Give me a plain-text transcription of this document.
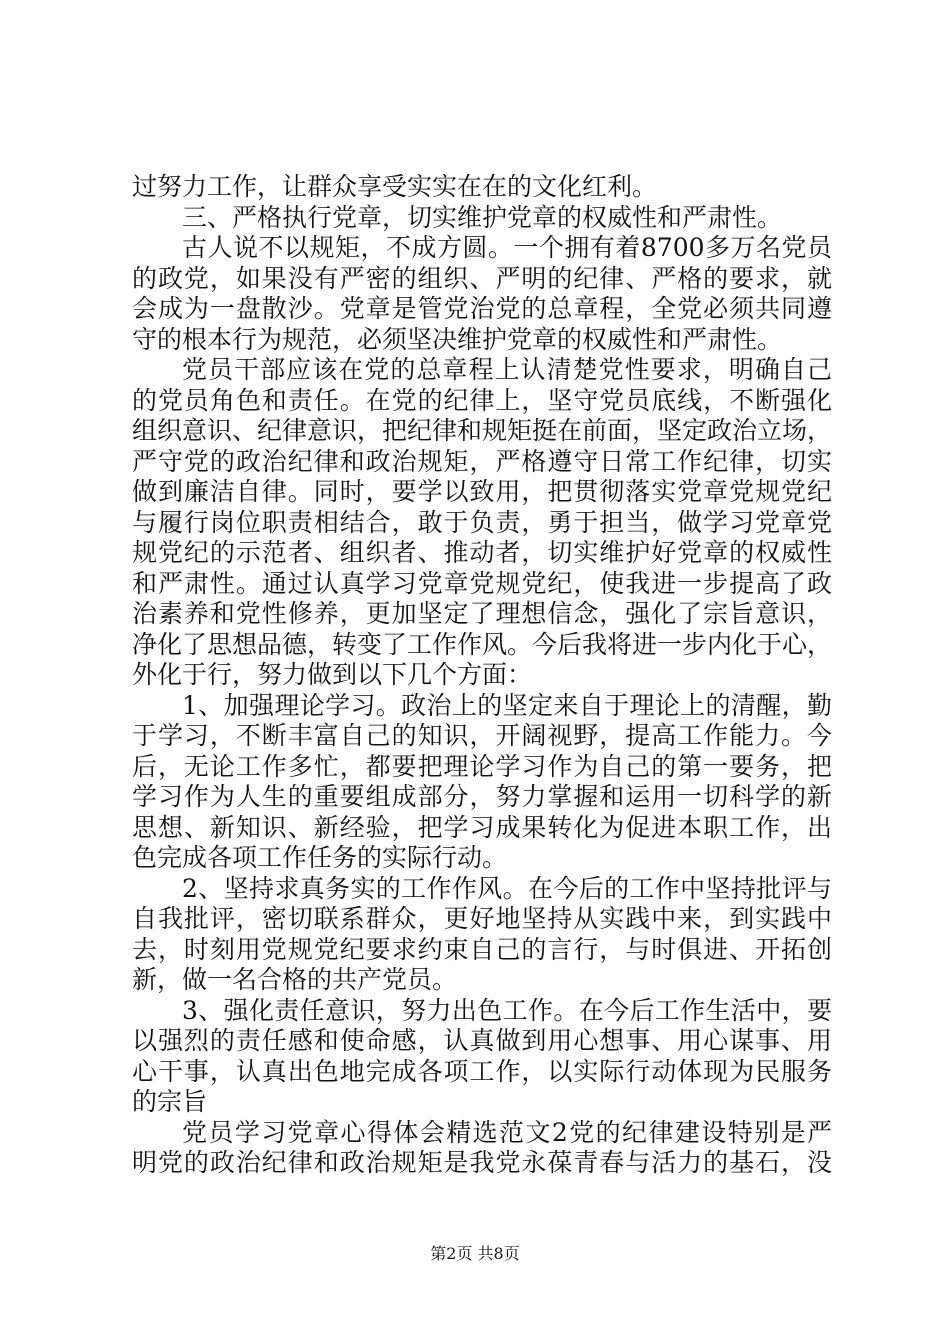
过努力工作，让群众享受实实在在的文化红利。
三、严格执行党章，切实维护党章的权威性和严肃性。
古人说不以规矩，不成方圆。一个拥有着8700多万名党员
的政党，如果没有严密的组织、严明的纪律、严格的要求，就
会成为一盘散沙。党章是管党治党的总章程，全党必须共同遵
守的根本行为规范，必须坚决维护党章的权威性和严肃性。
党员干部应该在党的总章程上认清楚党性要求，明确自己
的党员角色和责任。在党的纪律上，坚守党员底线，不断强化
组织意识、纪律意识，把纪律和规矩挺在前面，坚定政治立场，
严守党的政治纪律和政治规矩，严格遵守日常工作纪律，切实
做到廉洁自律。同时，要学以致用，把贯彻落实党章党规党纪
与履行岗位职责相结合，敢于负责，勇于担当，做学习党章党
规党纪的示范者、组织者、推动者，切实维护好党章的权威性
和严肃性。通过认真学习党章党规党纪，使我进一步提高了政
治素养和党性修养，更加坚定了理想信念，强化了宗旨意识，
净化了思想品德，转变了工作作风。今后我将进一步内化于心，
外化于行，努力做到以下几个方面：
1、加强理论学习。政治上的坚定来自于理论上的清醒，勤
于学习，不断丰富自己的知识，开阔视野，提高工作能力。今
后，无论工作多忙，都要把理论学习作为自己的第一要务，把
学习作为人生的重要组成部分，努力掌握和运用一切科学的新
思想、新知识、新经验，把学习成果转化为促进本职工作，出
色完成各项工作任务的实际行动。
2、坚持求真务实的工作作风。在今后的工作中坚持批评与
自我批评，密切联系群众，更好地坚持从实践中来，到实践中
去，时刻用党规党纪要求约束自己的言行，与时俱进、开拓创
新，做一名合格的共产党员。
3、强化责任意识，努力出色工作。在今后工作生活中，要
以强烈的责任感和使命感，认真做到用心想事、用心谋事、用
心干事，认真出色地完成各项工作，以实际行动体现为民服务
的宗旨
党员学习党章心得体会精选范文2党的纪律建设特别是严
明党的政治纪律和政治规矩是我党永葆青春与活力的基石，没
第2页 共8页
